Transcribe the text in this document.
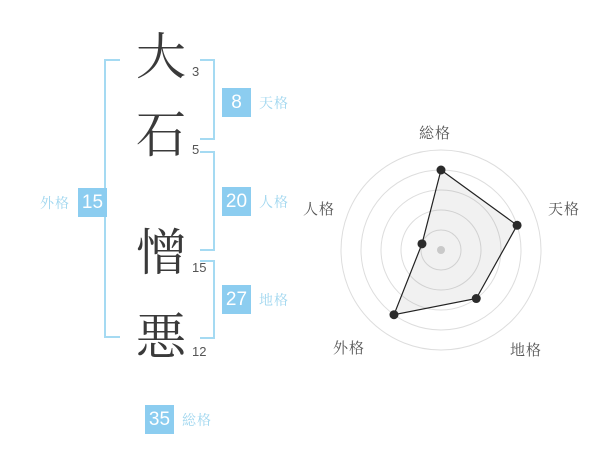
大 3
石 5
憎 15
悪 12
8	天格
20 人格
27 地格
外格 15
35 総格
総格
天格
地格
外格
人格
